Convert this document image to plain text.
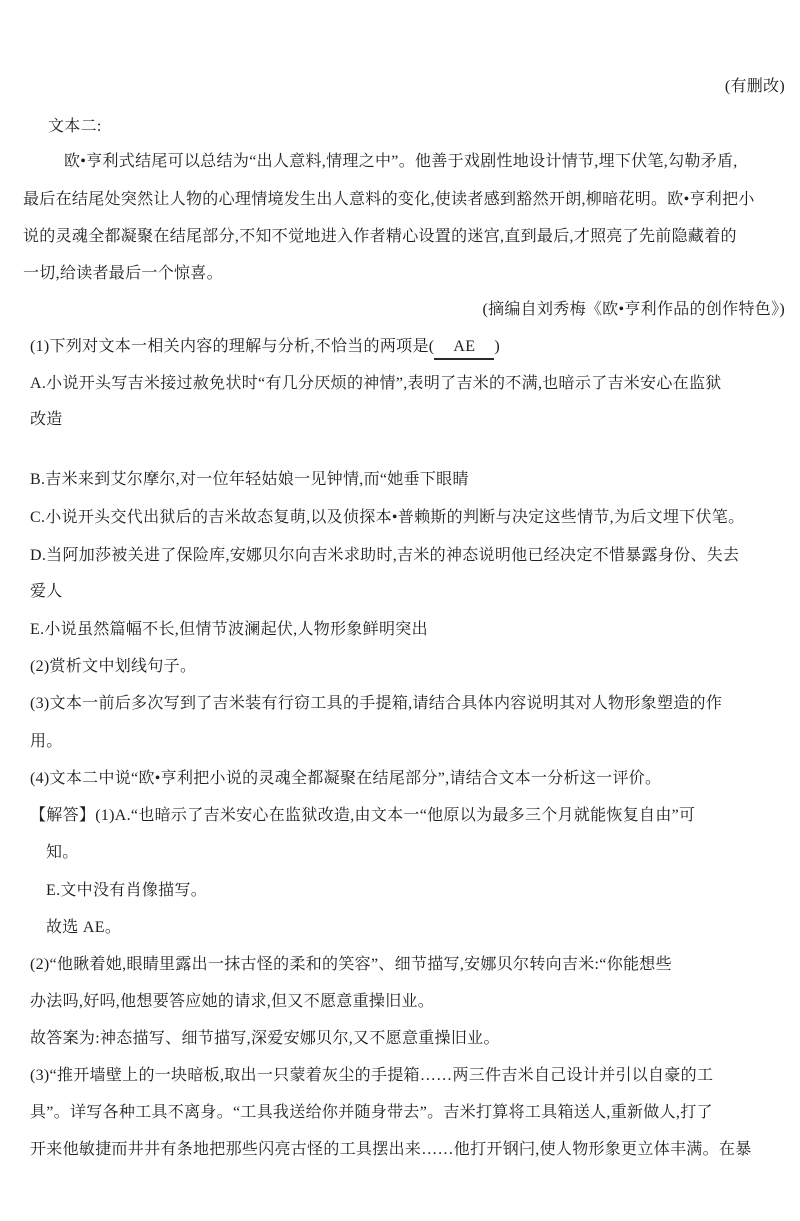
(有删改)
文本二:
欧•亨利式结尾可以总结为“出人意料,情理之中”。他善于戏剧性地设计情节,埋下伏笔,勾勒矛盾,
最后在结尾处突然让人物的心理情境发生出人意料的变化,使读者感到豁然开朗,柳暗花明。欧•亨利把小
说的灵魂全都凝聚在结尾部分,不知不觉地进入作者精心设置的迷宫,直到最后,才照亮了先前隐藏着的
一切,给读者最后一个惊喜。
(摘编自刘秀梅《欧•亨利作品的创作特色》)
(1)下列对文本一相关内容的理解与分析,不恰当的两项是( AE )
A.小说开头写吉米接过赦免状时“有几分厌烦的神情”,表明了吉米的不满,也暗示了吉米安心在监狱
改造
B.吉米来到艾尔摩尔,对一位年轻姑娘一见钟情,而“她垂下眼睛
C.小说开头交代出狱后的吉米故态复萌,以及侦探本•普赖斯的判断与决定这些情节,为后文埋下伏笔。
D.当阿加莎被关进了保险库,安娜贝尔向吉米求助时,吉米的神态说明他已经决定不惜暴露身份、失去
爱人
E.小说虽然篇幅不长,但情节波澜起伏,人物形象鲜明突出
(2)赏析文中划线句子。
(3)文本一前后多次写到了吉米装有行窃工具的手提箱,请结合具体内容说明其对人物形象塑造的作
用。
(4)文本二中说“欧•亨利把小说的灵魂全都凝聚在结尾部分”,请结合文本一分析这一评价。
【解答】(1)A.“也暗示了吉米安心在监狱改造,由文本一“他原以为最多三个月就能恢复自由”可
知。
E.文中没有肖像描写。
故选 AE。
(2)“他瞅着她,眼睛里露出一抹古怪的柔和的笑容”、细节描写,安娜贝尔转向吉米:“你能想些
办法吗,好吗,他想要答应她的请求,但又不愿意重操旧业。
故答案为:神态描写、细节描写,深爱安娜贝尔,又不愿意重操旧业。
(3)“推开墙壁上的一块暗板,取出一只蒙着灰尘的手提箱……两三件吉米自己设计并引以自豪的工
具”。详写各种工具不离身。“工具我送给你并随身带去”。吉米打算将工具箱送人,重新做人,打了
开来他敏捷而井井有条地把那些闪亮古怪的工具摆出来……他打开钢闩,使人物形象更立体丰满。在暴
